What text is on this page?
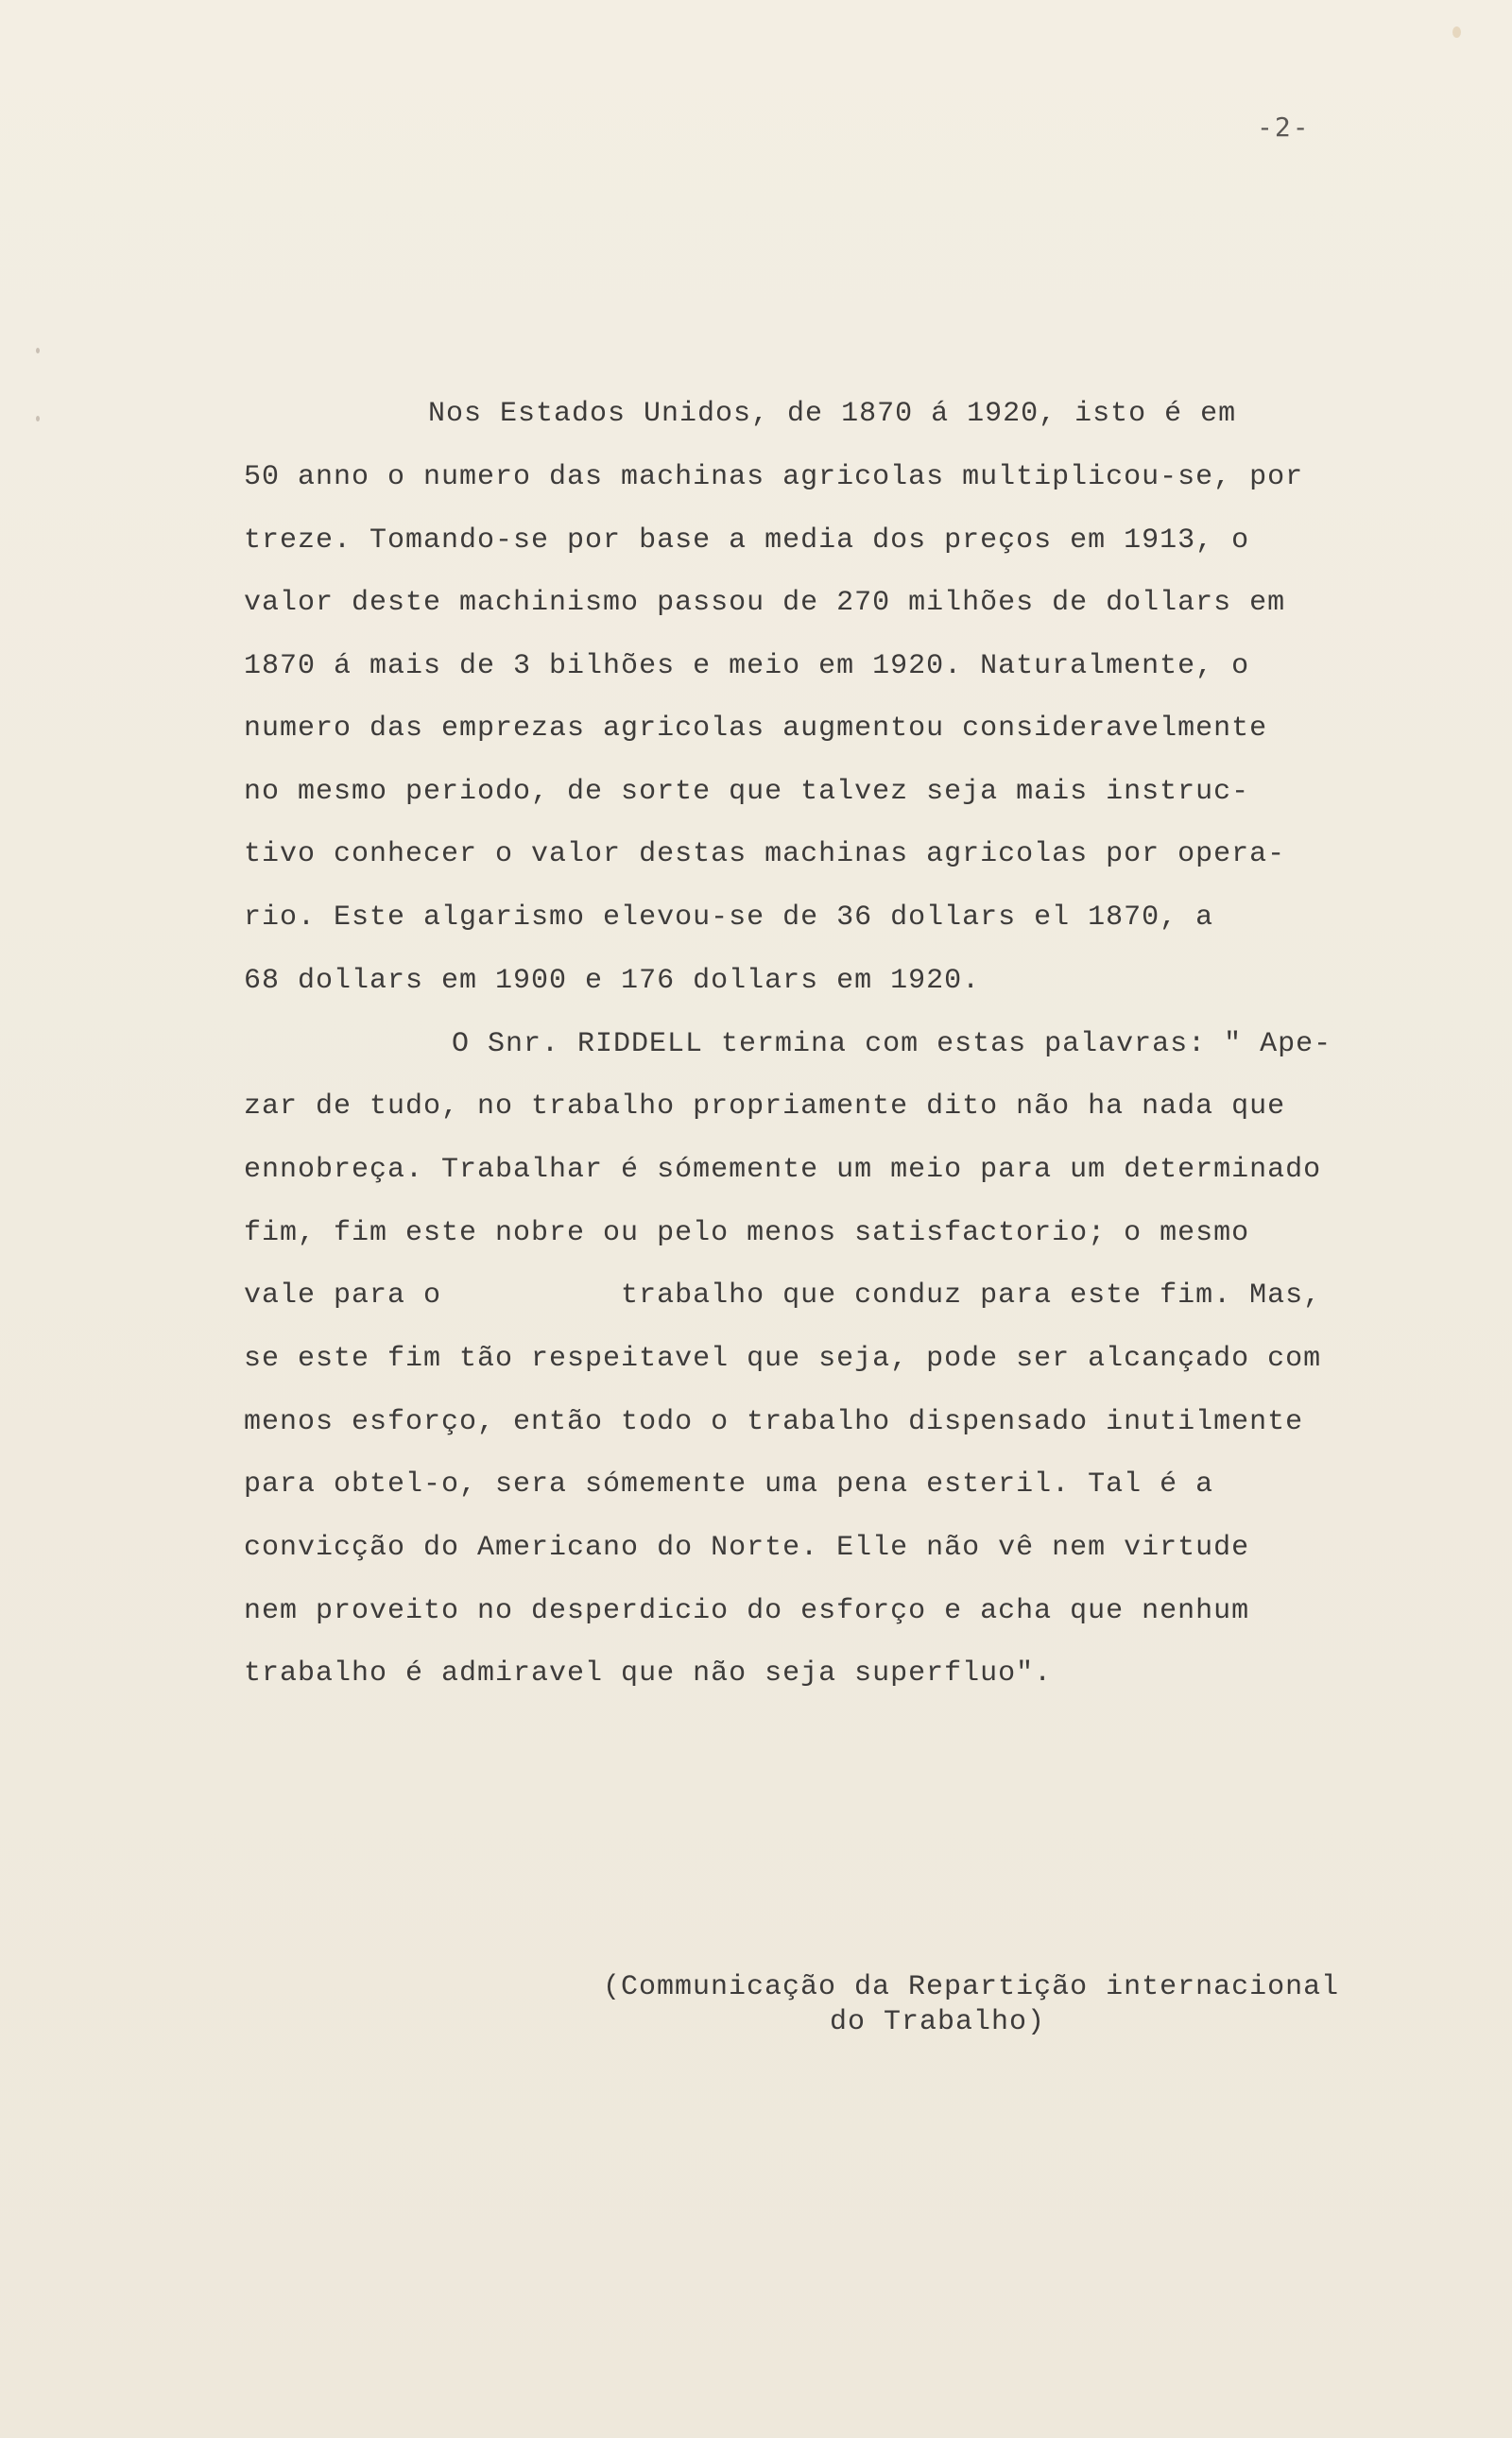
-2-
Nos Estados Unidos, de 1870 á 1920, isto é em
50 anno o numero das machinas agricolas multiplicou-se, por
treze. Tomando-se por base a media dos preços em 1913, o
valor deste machinismo passou de 270 milhões de dollars em
1870 á mais de 3 bilhões e meio em 1920. Naturalmente, o
numero das emprezas agricolas augmentou consideravelmente
no mesmo periodo, de sorte que talvez seja mais instruc-
tivo conhecer o valor destas machinas agricolas por opera-
rio. Este algarismo elevou-se de 36 dollars el 1870, a
68 dollars em 1900 e 176 dollars em 1920.
O Snr. RIDDELL termina com estas palavras: " Ape-
zar de tudo, no trabalho propriamente dito não ha nada que
ennobreça. Trabalhar é sómemente um meio para um determinado
fim, fim este nobre ou pelo menos satisfactorio; o mesmo
vale para o          trabalho que conduz para este fim. Mas,
se este fim tão respeitavel que seja, pode ser alcançado com
menos esforço, então todo o trabalho dispensado inutilmente
para obtel-o, sera sómemente uma pena esteril. Tal é a
convicção do Americano do Norte. Elle não vê nem virtude
nem proveito no desperdicio do esforço e acha que nenhum
trabalho é admiravel que não seja superfluo".
(Communicação da Repartição internacional
do Trabalho)
